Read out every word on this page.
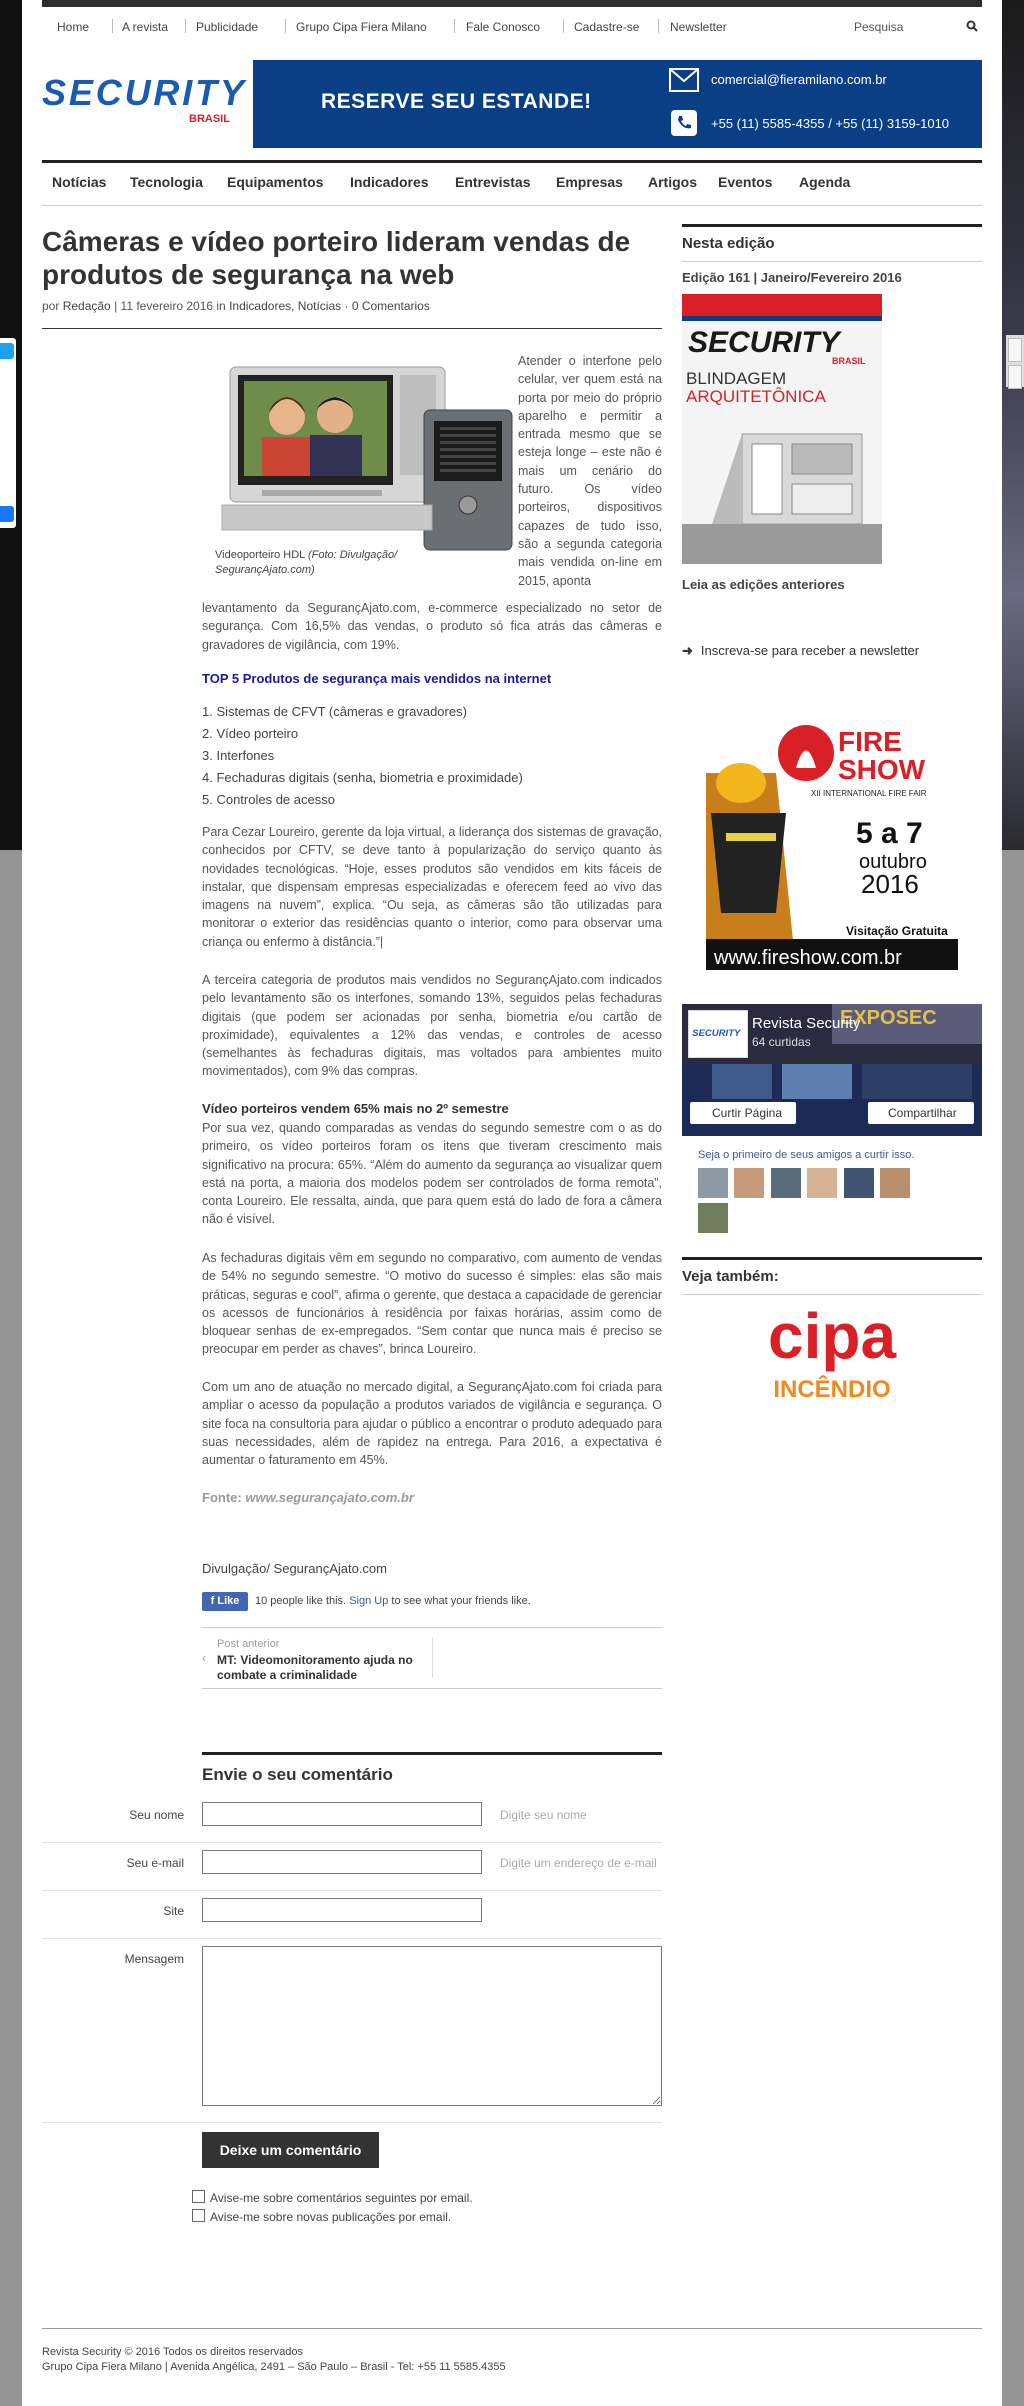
Home	A revista Publicidade	Grupo Cipa Fiera Milano	Fale Conosco	Cadastre-se	Newsletter	Pesquisa
SECURITY
BRASIL
RESERVE SEU ESTANDE!
comercial@fieramilano.com.br
+55 (11) 5585-4355 / +55 (11) 3159-1010
Notícias Tecnologia Equipamentos Indicadores Entrevistas Empresas Artigos Eventos Agenda
Câmeras e vídeo porteiro lideram vendas de produtos de segurança na web
por Redação | 11 fevereiro 2016 in Indicadores, Notícias · 0 Comentarios
Videoporteiro HDL (Foto: Divulgação/ SegurançAjato.com)

Atender o interfone pelo celular, ver quem está na porta por meio do próprio aparelho e permitir a entrada mesmo que se esteja longe – este não é mais um cenário do futuro. Os vídeo porteiros, dispositivos capazes de tudo isso, são a segunda categoria mais vendida on-line em 2015, aponta

levantamento da SegurançAjato.com, e-commerce especializado no setor de segurança. Com 16,5% das vendas, o produto só fica atrás das câmeras e gravadores de vigilância, com 19%.

TOP 5 Produtos de segurança mais vendidos na internet
1. Sistemas de CFVT (câmeras e gravadores)
2. Vídeo porteiro
3. Interfones
4. Fechaduras digitais (senha, biometria e proximidade)
5. Controles de acesso

Para Cezar Loureiro, gerente da loja virtual, a liderança dos sistemas de gravação, conhecidos por CFTV, se deve tanto à popularização do serviço quanto às novidades tecnológicas. “Hoje, esses produtos são vendidos em kits fáceis de instalar, que dispensam empresas especializadas e oferecem feed ao vivo das imagens na nuvem”, explica. “Ou seja, as câmeras são tão utilizadas para monitorar o exterior das residências quanto o interior, como para observar uma criança ou enfermo à distância.”|

A terceira categoria de produtos mais vendidos no SegurançAjato.com indicados pelo levantamento são os interfones, somando 13%, seguidos pelas fechaduras digitais (que podem ser acionadas por senha, biometria e/ou cartão de proximidade), equivalentes a 12% das vendas, e controles de acesso (semelhantes às fechaduras digitais, mas voltados para ambientes muito movimentados), com 9% das compras.

Vídeo porteiros vendem 65% mais no 2º semestre

Por sua vez, quando comparadas as vendas do segundo semestre com o as do primeiro, os vídeo porteiros foram os itens que tiveram crescimento mais significativo na procura: 65%. “Além do aumento da segurança ao visualizar quem está na porta, a maioria dos modelos podem ser controlados de forma remota”, conta Loureiro. Ele ressalta, ainda, que para quem está do lado de fora a câmera não é visível.

As fechaduras digitais vêm em segundo no comparativo, com aumento de vendas de 54% no segundo semestre. “O motivo do sucesso é simples: elas são mais práticas, seguras e cool”, afirma o gerente, que destaca a capacidade de gerenciar os acessos de funcionários à residência por faixas horárias, assim como de bloquear senhas de ex-empregados. “Sem contar que nunca mais é preciso se preocupar em perder as chaves”, brinca Loureiro.

Com um ano de atuação no mercado digital, a SegurançAjato.com foi criada para ampliar o acesso da população a produtos variados de vigilância e segurança. O site foca na consultoria para ajudar o público a encontrar o produto adequado para suas necessidades, além de rapidez na entrega. Para 2016, a expectativa é aumentar o faturamento em 45%.

Fonte: www.segurançajato.com.br
Divulgação/ SegurançAjato.com
f Like	10 people like this. Sign Up to see what your friends like.
‹
Post anterior
MT: Videomonitoramento ajuda no combate a criminalidade
Envie o seu comentário
Seu nome	Digite seu nome
Seu e-mail	Digite um endereço de e-mail
Site
Mensagem
Deixe um comentário
Avise-me sobre comentários seguintes por email.
Avise-me sobre novas publicações por email.
Revista Security © 2016 Todos os direitos reservados
Grupo Cipa Fiera Milano | Avenida Angélica, 2491 – São Paulo – Brasil - Tel: +55 11 5585.4355
Nesta edição
Edição 161 | Janeiro/Fevereiro 2016
SECURITY
BRASIL
BLINDAGEM
ARQUITETÔNICA
Leia as edições anteriores
➜ Inscreva-se para receber a newsletter
FIRE
SHOW
XII INTERNATIONAL FIRE FAIR
5 a 7
outubro
2016
Visitação Gratuita
www.fireshow.com.br
EXPOSEC
SECURITY
Revista Security
64 curtidas
Curtir Página	Compartilhar
Seja o primeiro de seus amigos a curtir isso.

Veja também:
cipa
INCÊNDIO
